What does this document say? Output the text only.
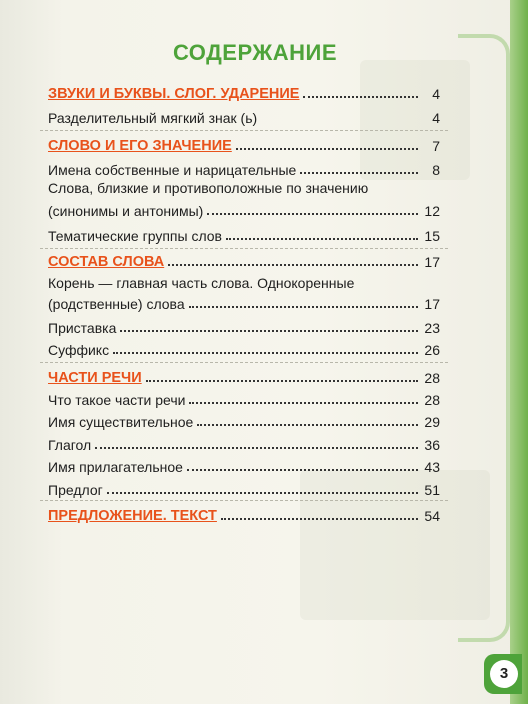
СОДЕРЖАНИЕ
ЗВУКИ И БУКВЫ. СЛОГ. УДАРЕНИЕ	4
Разделительный мягкий знак (ь)	4
СЛОВО И ЕГО ЗНАЧЕНИЕ	7
Имена собственные и нарицательные	8
Слова, близкие и противоположные по значению
(синонимы и антонимы)	12
Тематические группы слов	15
СОСТАВ СЛОВА	17
Корень — главная часть слова. Однокоренные
(родственные) слова	17
Приставка	23
Суффикс	26
ЧАСТИ РЕЧИ	28
Что такое части речи	28
Имя существительное	29
Глагол	36
Имя прилагательное	43
Предлог	51
ПРЕДЛОЖЕНИЕ. ТЕКСТ	54
3
